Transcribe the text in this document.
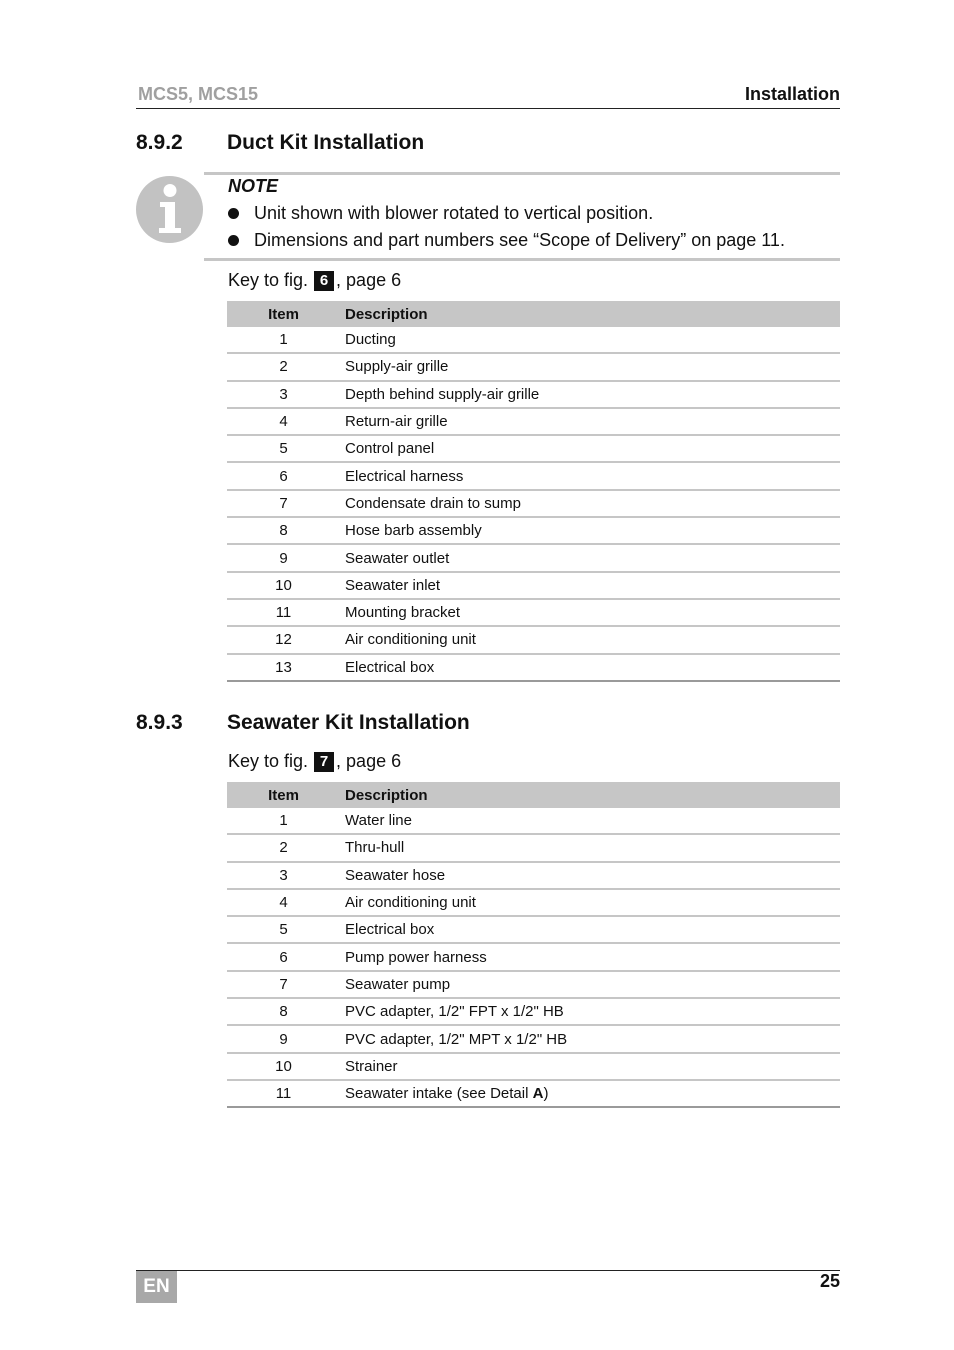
MCS5, MCS15	Installation
8.9.2 Duct Kit Installation
NOTE
Unit shown with blower rotated to vertical position.
Dimensions and part numbers see “Scope of Delivery” on page 11.
Key to fig. 6 , page 6
Item	Description
1	Ducting
2	Supply-air grille
3	Depth behind supply-air grille
4	Return-air grille
5	Control panel
6	Electrical harness
7	Condensate drain to sump
8	Hose barb assembly
9	Seawater outlet
10	Seawater inlet
11	Mounting bracket
12	Air conditioning unit
13	Electrical box
8.9.3 Seawater Kit Installation
Key to fig. 7 , page 6
Item	Description
1	Water line
2	Thru-hull
3	Seawater hose
4	Air conditioning unit
5	Electrical box
6	Pump power harness
7	Seawater pump
8	PVC adapter, 1/2" FPT x 1/2" HB
9	PVC adapter, 1/2" MPT x 1/2" HB
10	Strainer
11	Seawater intake (see Detail A)
EN	25
